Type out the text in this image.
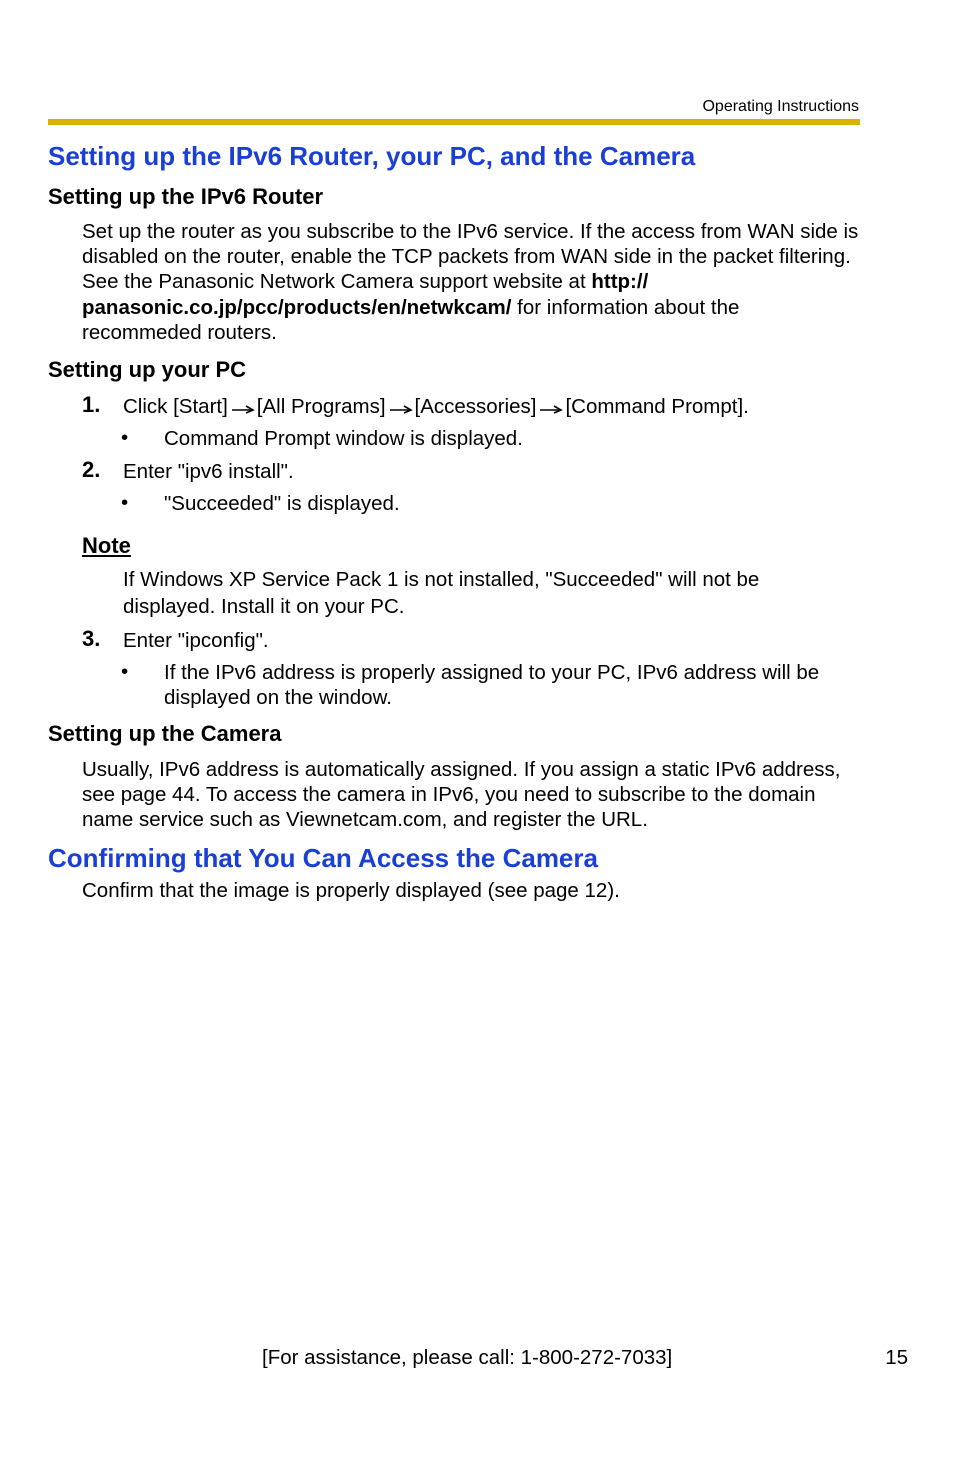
Operating Instructions
Setting up the IPv6 Router, your PC, and the Camera
Setting up the IPv6 Router
Set up the router as you subscribe to the IPv6 service. If the access from WAN side is disabled on the router, enable the TCP packets from WAN side in the packet filtering. See the Panasonic Network Camera support website at http:// panasonic.co.jp/pcc/products/en/netwkcam/ for information about the recommeded routers.
Setting up your PC
1. Click [Start] [All Programs] [Accessories] [Command Prompt].
• Command Prompt window is displayed.
2. Enter "ipv6 install".
• "Succeeded" is displayed.
Note
If Windows XP Service Pack 1 is not installed, "Succeeded" will not be displayed. Install it on your PC.
3. Enter "ipconfig".
• If the IPv6 address is properly assigned to your PC, IPv6 address will be displayed on the window.
Setting up the Camera
Usually, IPv6 address is automatically assigned. If you assign a static IPv6 address, see page 44. To access the camera in IPv6, you need to subscribe to the domain name service such as Viewnetcam.com, and register the URL.
Confirming that You Can Access the Camera
Confirm that the image is properly displayed (see page 12).
[For assistance, please call: 1-800-272-7033]	15
